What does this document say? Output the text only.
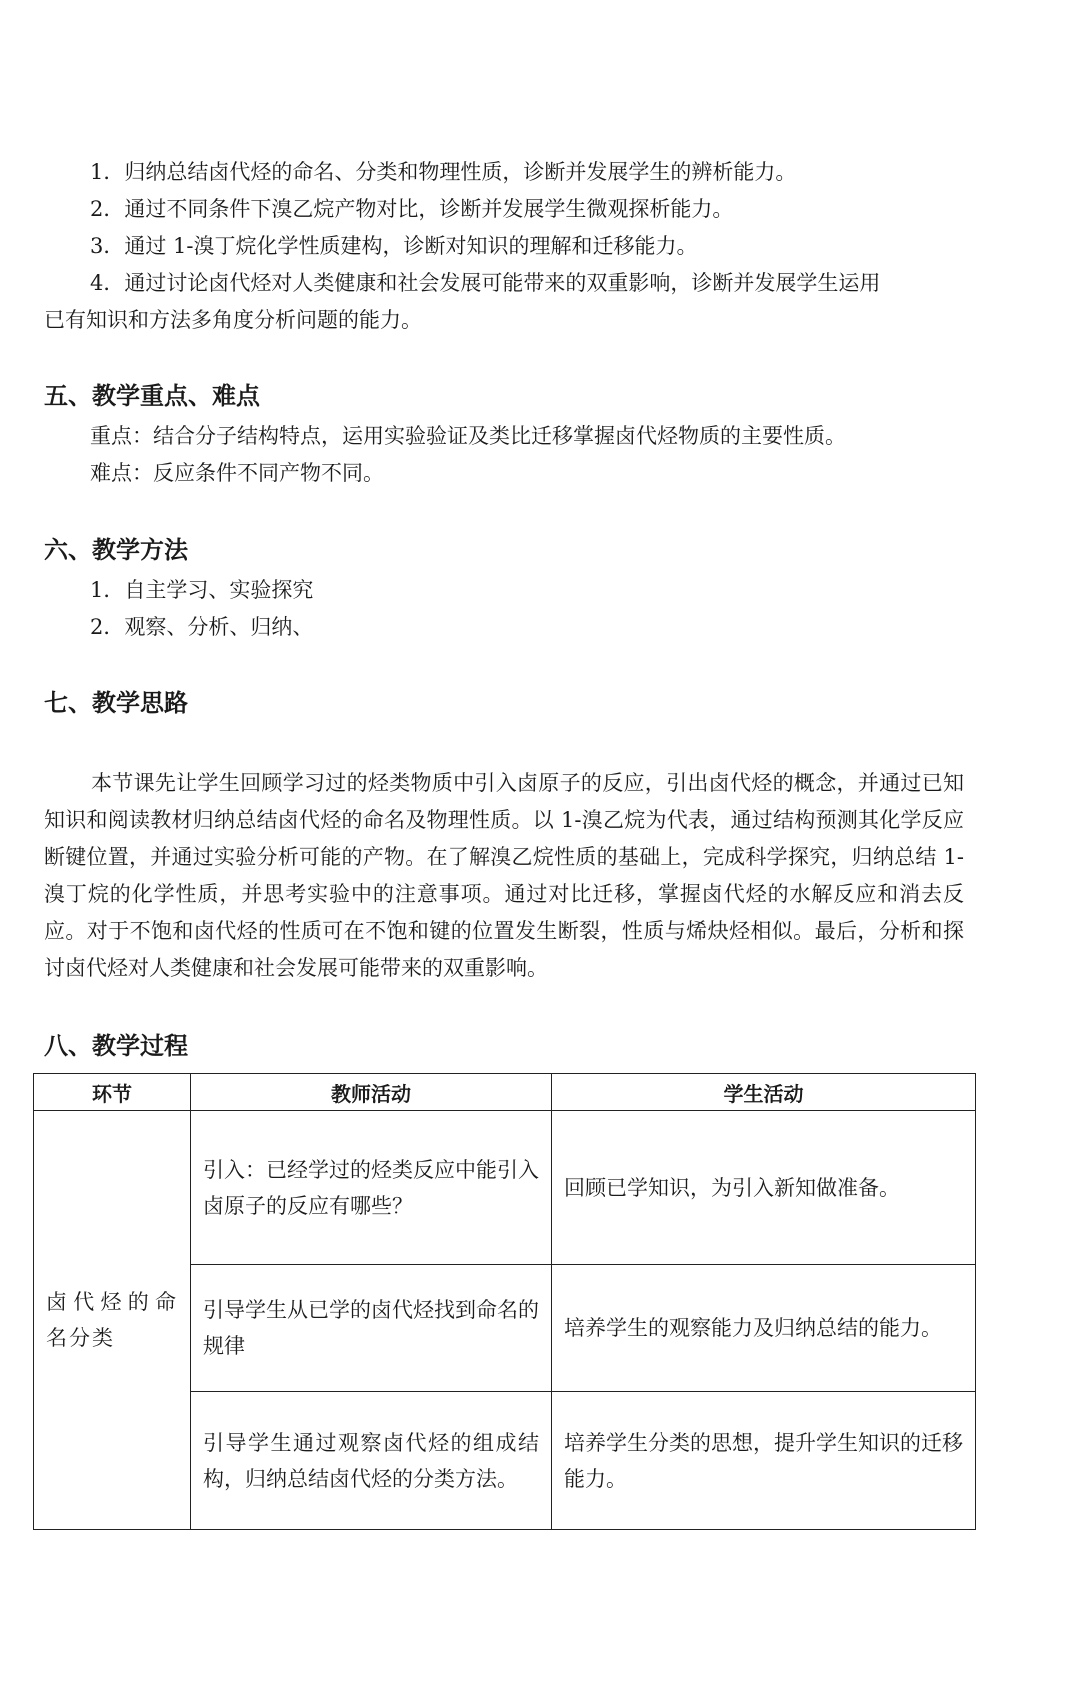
1．归纳总结卤代烃的命名、分类和物理性质，诊断并发展学生的辨析能力。
2．通过不同条件下溴乙烷产物对比，诊断并发展学生微观探析能力。
3．通过 1-溴丁烷化学性质建构，诊断对知识的理解和迁移能力。
4．通过讨论卤代烃对人类健康和社会发展可能带来的双重影响，诊断并发展学生运用
已有知识和方法多角度分析问题的能力。
五、教学重点、难点
重点：结合分子结构特点，运用实验验证及类比迁移掌握卤代烃物质的主要性质。
难点：反应条件不同产物不同。
六、教学方法
1．自主学习、实验探究
2．观察、分析、归纳、
七、教学思路
本节课先让学生回顾学习过的烃类物质中引入卤原子的反应，引出卤代烃的概念，并通过已知知识和阅读教材归纳总结卤代烃的命名及物理性质。以 1-溴乙烷为代表，通过结构预测其化学反应断键位置，并通过实验分析可能的产物。在了解溴乙烷性质的基础上，完成科学探究，归纳总结 1-溴丁烷的化学性质，并思考实验中的注意事项。通过对比迁移，掌握卤代烃的水解反应和消去反应。对于不饱和卤代烃的性质可在不饱和键的位置发生断裂，性质与烯炔烃相似。最后，分析和探讨卤代烃对人类健康和社会发展可能带来的双重影响。
八、教学过程
环节	教师活动	学生活动
卤代烃的命名分类	引入：已经学过的烃类反应中能引入卤原子的反应有哪些？	回顾已学知识，为引入新知做准备。
	引导学生从已学的卤代烃找到命名的规律	培养学生的观察能力及归纳总结的能力。
	引导学生通过观察卤代烃的组成结构，归纳总结卤代烃的分类方法。	培养学生分类的思想，提升学生知识的迁移能力。
